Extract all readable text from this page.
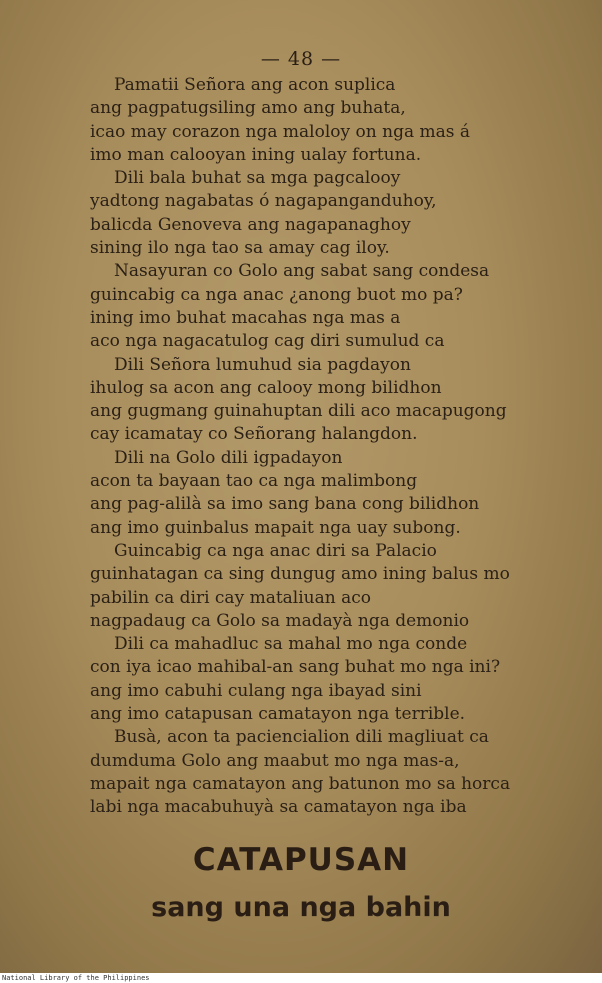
— 48 —
Pamatii Señora ang acon suplica
ang pagpatugsiling amo ang buhata,
icao may corazon nga maloloy on nga mas á
imo man calooyan ining ualay fortuna.
Dili bala buhat sa mga pagcalooy
yadtong nagabatas ó nagapanganduhoy,
balicda Genoveva ang nagapanaghoy
sining ilo nga tao sa amay cag iloy.
Nasayuran co Golo ang sabat sang condesa
guincabig ca nga anac ¿anong buot mo pa?
ining imo buhat macahas nga mas a
aco nga nagacatulog cag diri sumulud ca
Dili Señora lumuhud sia pagdayon
ihulog sa acon ang calooy mong bilidhon
ang gugmang guinahuptan dili aco macapugong
cay icamatay co Señorang halangdon.
Dili na Golo dili igpadayon
acon ta bayaan tao ca nga malimbong
ang pag-alilà sa imo sang bana cong bilidhon
ang imo guinbalus mapait nga uay subong.
Guincabig ca nga anac diri sa Palacio
guinhatagan ca sing dungug amo ining balus mo
pabilin ca diri cay mataliuan aco
nagpadaug ca Golo sa madayà nga demonio
Dili ca mahadluc sa mahal mo nga conde
con iya icao mahibal-an sang buhat mo nga ini?
ang imo cabuhi culang nga ibayad sini
ang imo catapusan camatayon nga terrible.
Busà, acon ta paciencialion dili magliuat ca
dumduma Golo ang maabut mo nga mas-a,
mapait nga camatayon ang batunon mo sa horca
labi nga macabuhuyà sa camatayon nga iba
CATAPUSAN
sang una nga bahin
National Library of the Philippines
